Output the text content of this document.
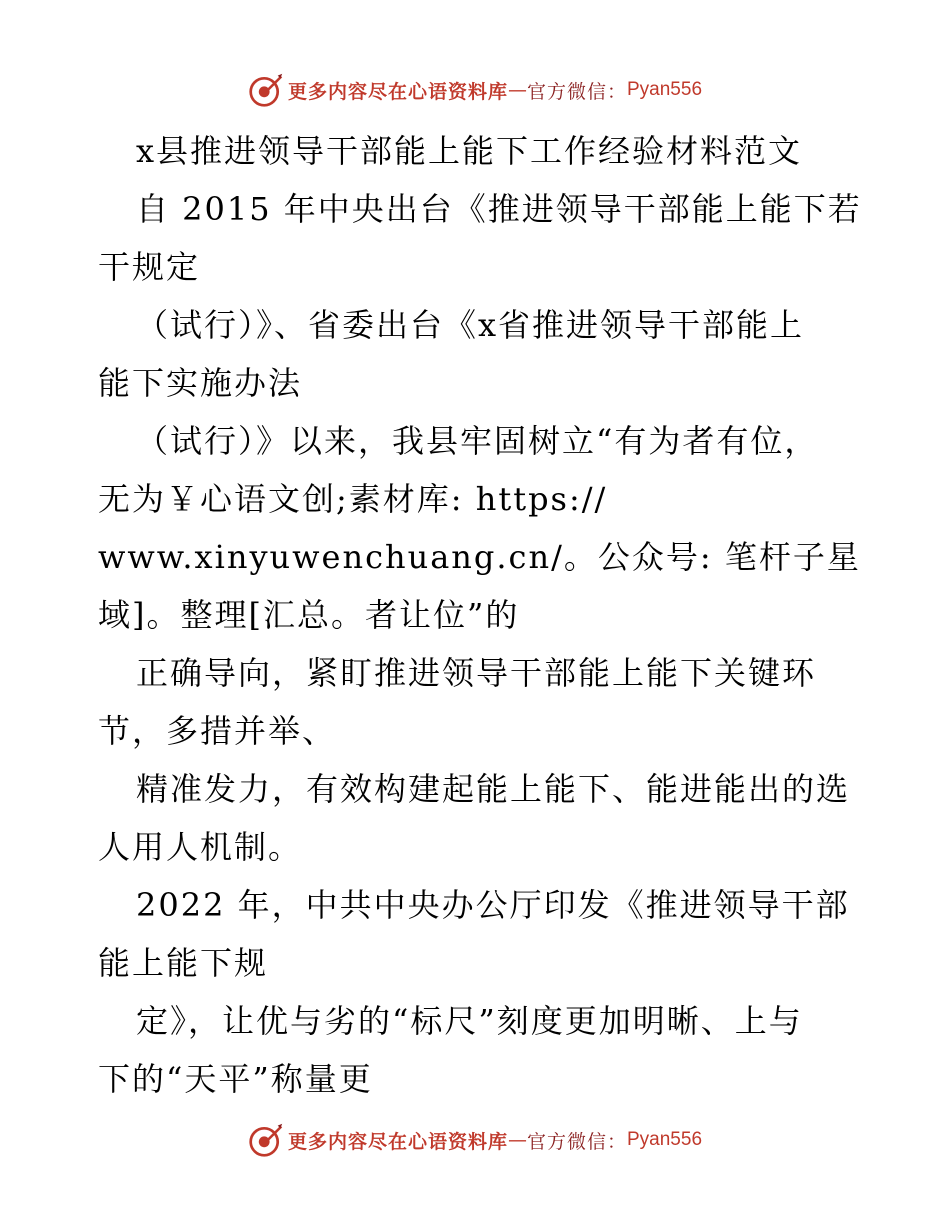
更多内容尽在心语资料库 — 官方微信： Pyan556
x县推进领导干部能上能下工作经验材料范文
自 2015 年中央出台《推进领导干部能上能下若
干规定
（试行）》、省委出台《x省推进领导干部能上
能下实施办法
（试行）》以来，我县牢固树立“有为者有位，
无为￥心语文创;素材库: https://
www.xinyuwenchuang.cn/。公众号: 笔杆子星
域]。整理[汇总。者让位”的
正确导向，紧盯推进领导干部能上能下关键环
节，多措并举、
精准发力，有效构建起能上能下、能进能出的选
人用人机制。
2022 年，中共中央办公厅印发《推进领导干部
能上能下规
定》，让优与劣的“标尺”刻度更加明晰、上与
下的“天平”称量更
更多内容尽在心语资料库 — 官方微信： Pyan556
